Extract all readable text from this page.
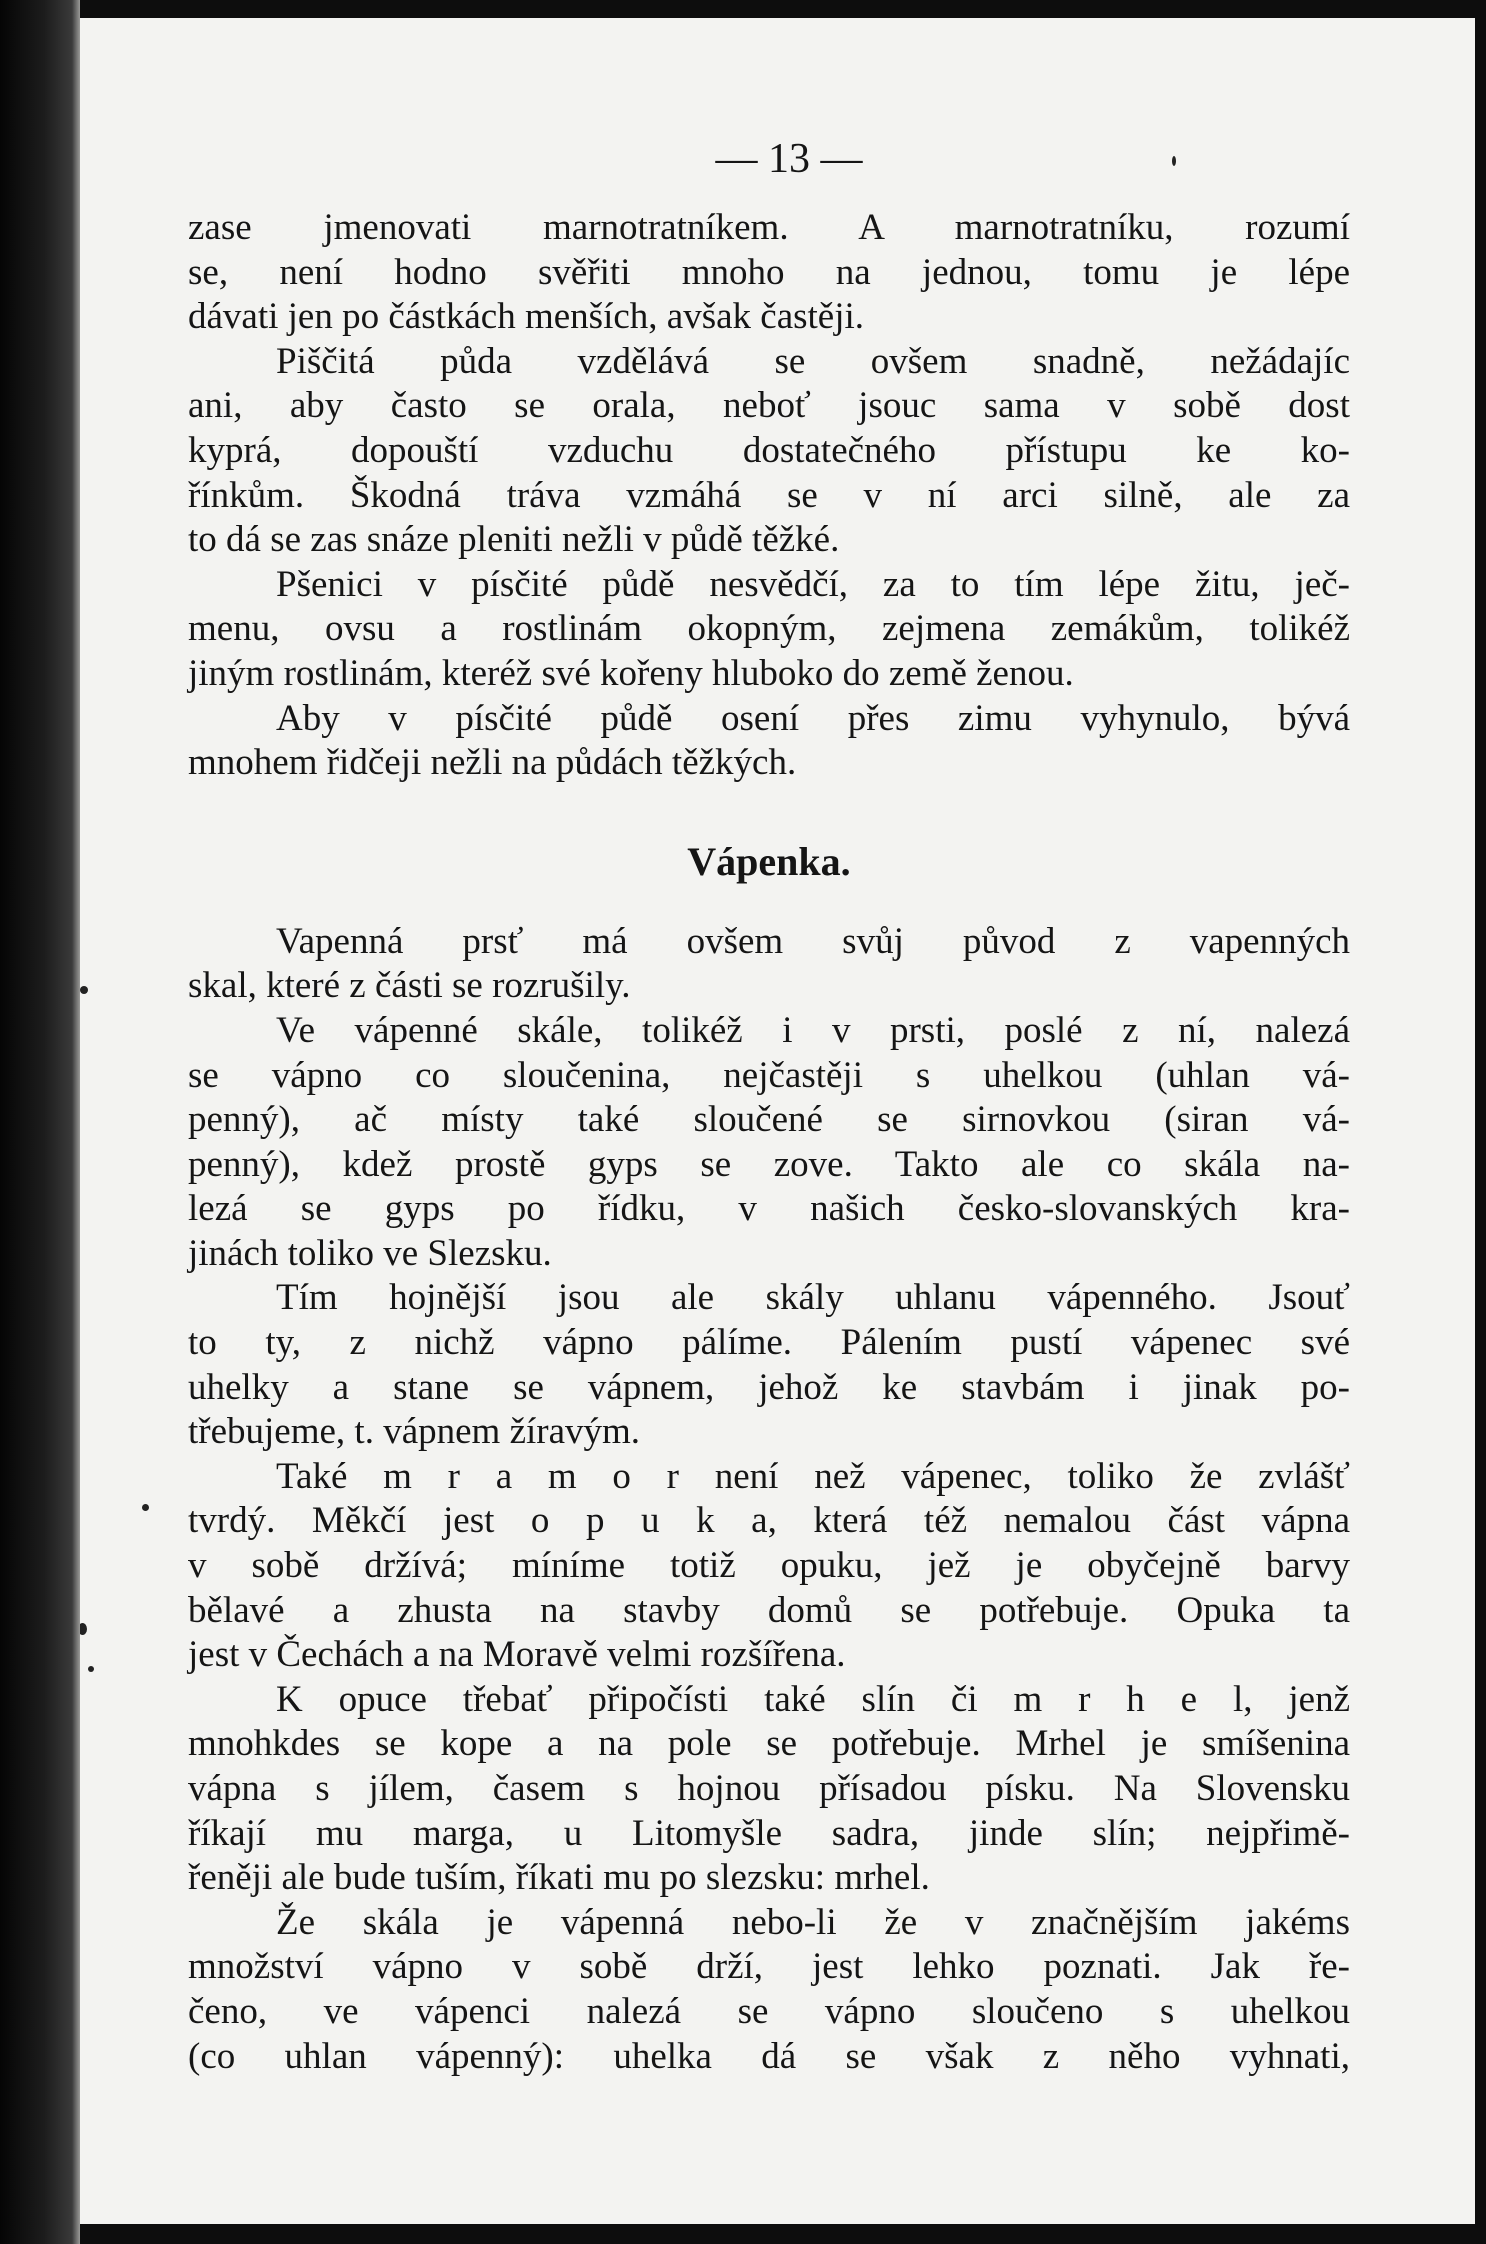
— 13 —
zase jmenovati marnotratníkem. A marnotratníku, rozumí
se, není hodno svěřiti mnoho na jednou, tomu je lépe
dávati jen po částkách menších, avšak častěji.
Piščitá půda vzdělává se ovšem snadně, nežádajíc
ani, aby často se orala, neboť jsouc sama v sobě dost
kyprá, dopouští vzduchu dostatečného přístupu ke ko-
řínkům. Škodná tráva vzmáhá se v ní arci silně, ale za
to dá se zas snáze pleniti nežli v půdě těžké.
Pšenici v písčité půdě nesvědčí, za to tím lépe žitu, ječ-
menu, ovsu a rostlinám okopným, zejmena zemákům, tolikéž
jiným rostlinám, kteréž své kořeny hluboko do země ženou.
Aby v písčité půdě osení přes zimu vyhynulo, bývá
mnohem řidčeji nežli na půdách těžkých.
Vápenka.
Vapenná prsť má ovšem svůj původ z vapenných
skal, které z části se rozrušily.
Ve vápenné skále, tolikéž i v prsti, poslé z ní, nalezá
se vápno co sloučenina, nejčastěji s uhelkou (uhlan vá-
penný), ač místy také sloučené se sirnovkou (siran vá-
penný), kdež prostě gyps se zove. Takto ale co skála na-
lezá se gyps po řídku, v našich česko-slovanských kra-
jinách toliko ve Slezsku.
Tím hojnější jsou ale skály uhlanu vápenného. Jsouť
to ty, z nichž vápno pálíme. Pálením pustí vápenec své
uhelky a stane se vápnem, jehož ke stavbám i jinak po-
třebujeme, t. vápnem žíravým.
Také m r a m o r není než vápenec, toliko že zvlášť
tvrdý. Měkčí jest o p u k a, která též nemalou část vápna
v sobě držívá; míníme totiž opuku, jež je obyčejně barvy
bělavé a zhusta na stavby domů se potřebuje. Opuka ta
jest v Čechách a na Moravě velmi rozšířena.
K opuce třebať připočísti také slín či m r h e l, jenž
mnohkdes se kope a na pole se potřebuje. Mrhel je smíšenina
vápna s jílem, časem s hojnou přísadou písku. Na Slovensku
říkají mu marga, u Litomyšle sadra, jinde slín; nejpřimě-
řeněji ale bude tuším, říkati mu po slezsku: mrhel.
Že skála je vápenná nebo-li že v značnějším jakéms
množství vápno v sobě drží, jest lehko poznati. Jak ře-
čeno, ve vápenci nalezá se vápno sloučeno s uhelkou
(co uhlan vápenný): uhelka dá se však z něho vyhnati,
